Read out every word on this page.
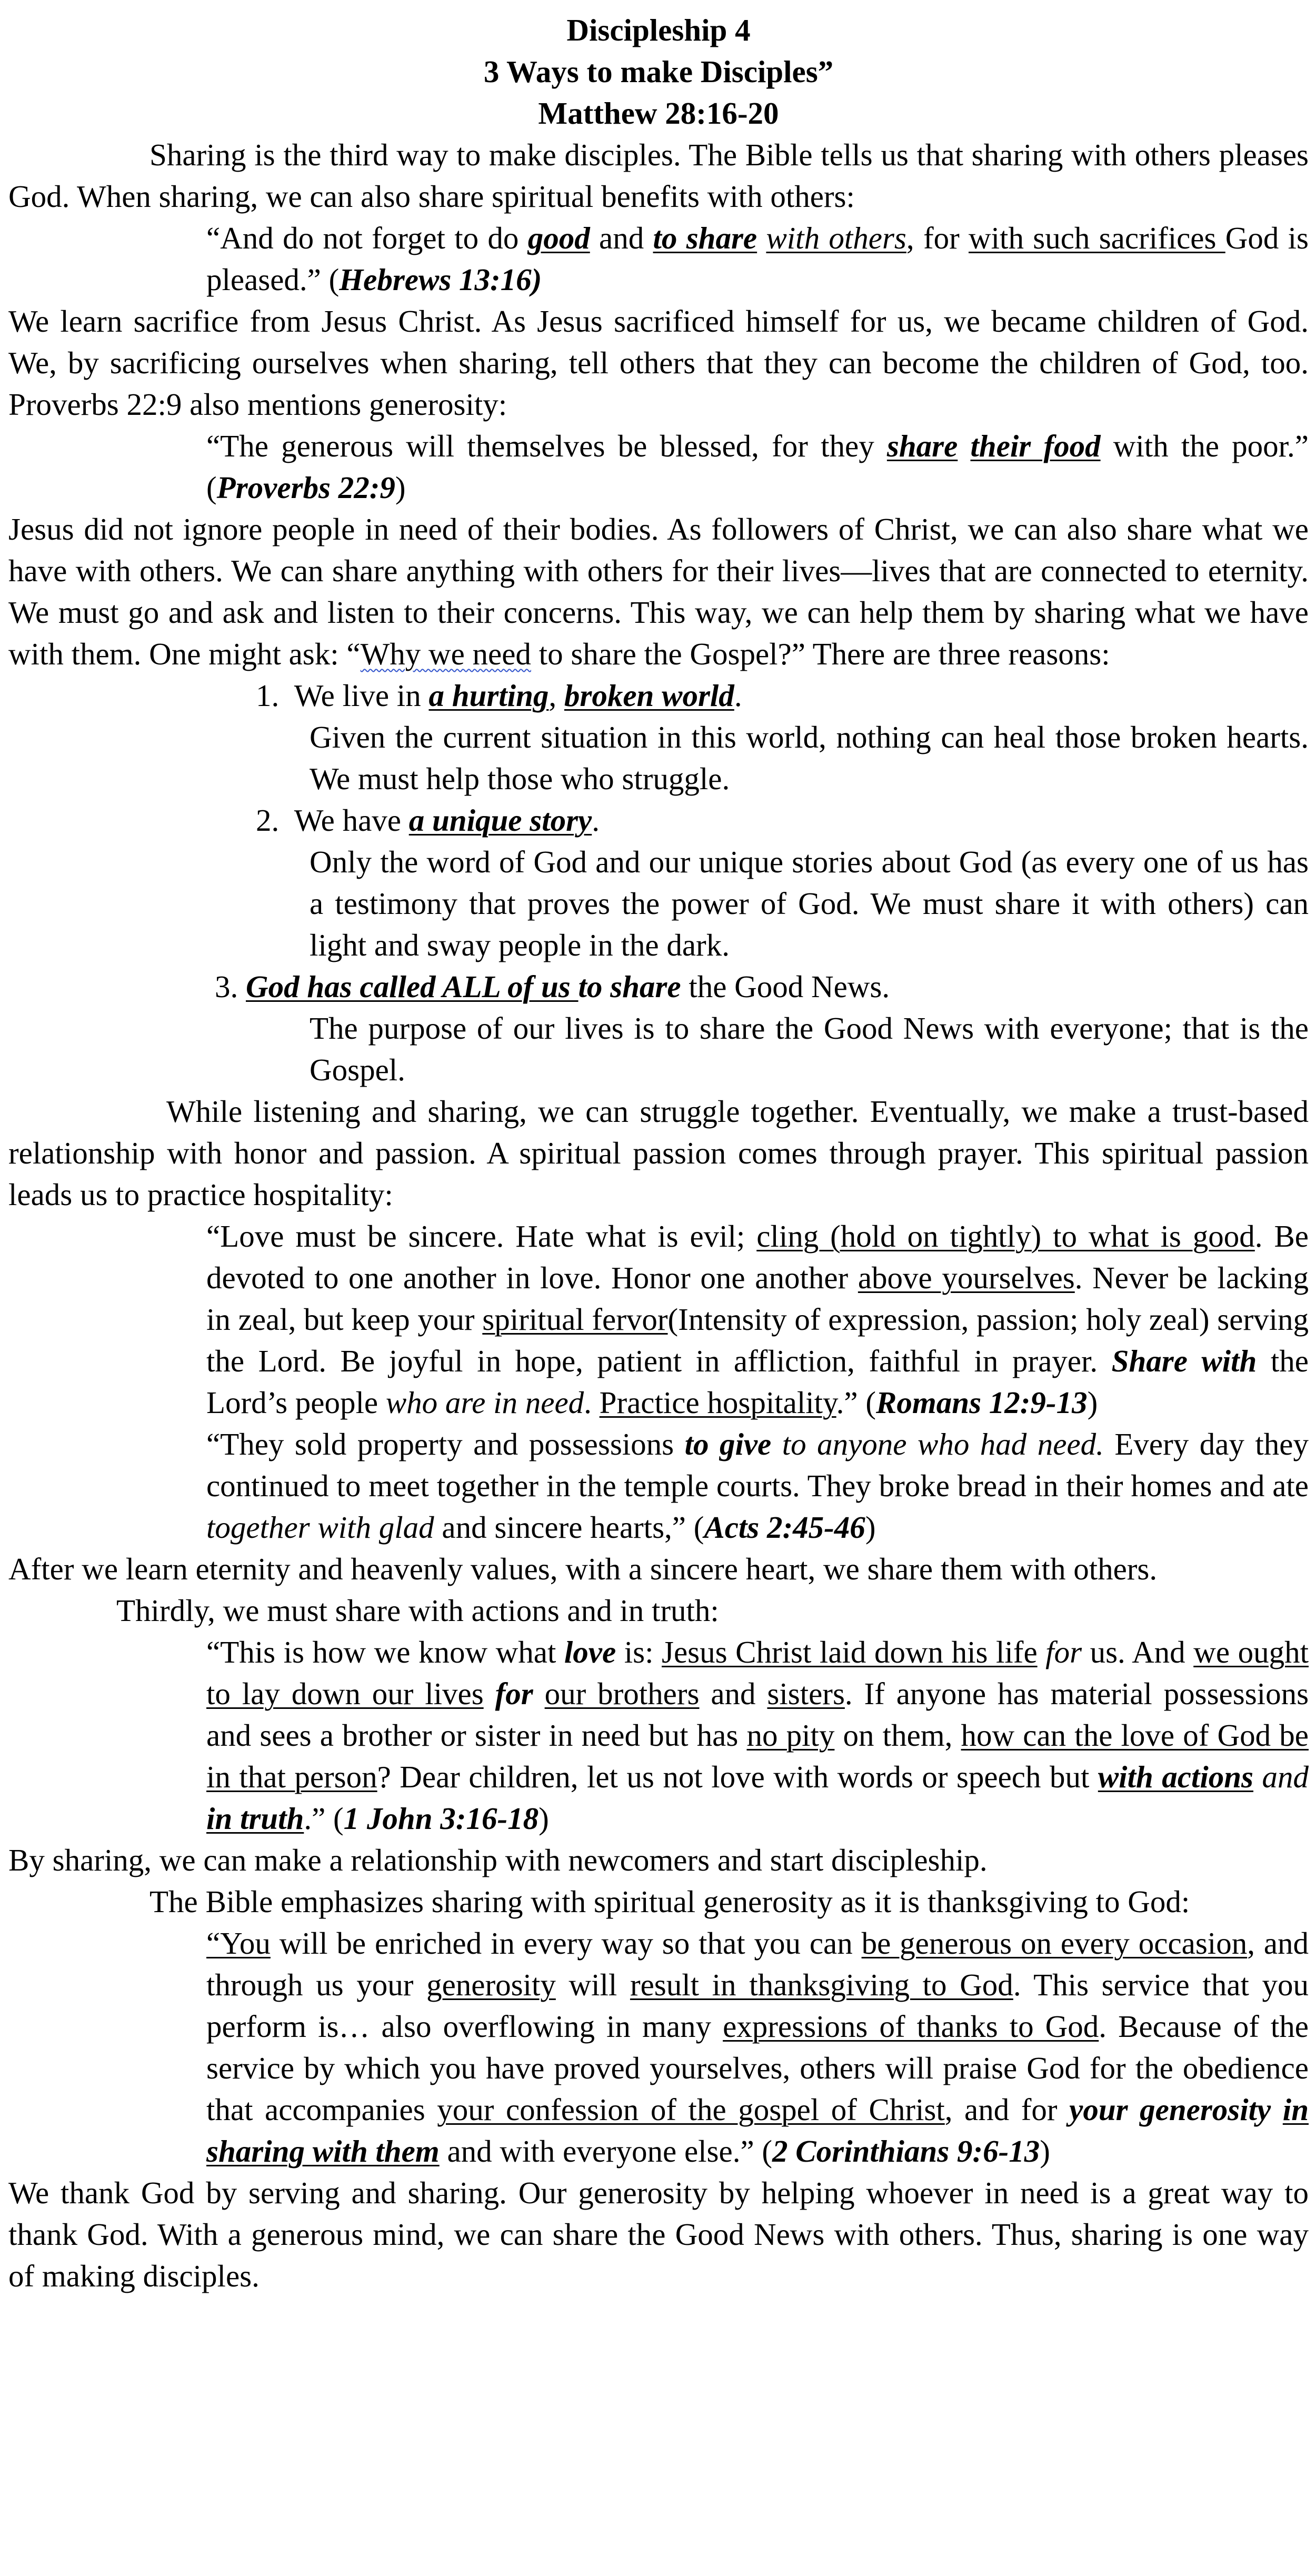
Discipleship 4
3 Ways to make Disciples”
Matthew 28:16-20
Sharing is the third way to make disciples. The Bible tells us that sharing with others pleases God. When sharing, we can also share spiritual benefits with others:
“And do not forget to do good and to share with others, for with such sacrifices God is pleased.” (Hebrews 13:16)
We learn sacrifice from Jesus Christ. As Jesus sacrificed himself for us, we became children of God. We, by sacrificing ourselves when sharing, tell others that they can become the children of God, too. Proverbs 22:9 also mentions generosity:
“The generous will themselves be blessed, for they share their food with the poor.” (Proverbs 22:9)
Jesus did not ignore people in need of their bodies. As followers of Christ, we can also share what we have with others. We can share anything with others for their lives—lives that are connected to eternity. We must go and ask and listen to their concerns. This way, we can help them by sharing what we have with them. One might ask: “Why we need to share the Gospel?” There are three reasons:
1. We live in a hurting, broken world.
Given the current situation in this world, nothing can heal those broken hearts. We must help those who struggle.
2. We have a unique story.
Only the word of God and our unique stories about God (as every one of us has a testimony that proves the power of God. We must share it with others) can light and sway people in the dark.
3. God has called ALL of us to share the Good News.
The purpose of our lives is to share the Good News with everyone; that is the Gospel.
While listening and sharing, we can struggle together. Eventually, we make a trust-based relationship with honor and passion. A spiritual passion comes through prayer. This spiritual passion leads us to practice hospitality:
“Love must be sincere. Hate what is evil; cling (hold on tightly) to what is good. Be devoted to one another in love. Honor one another above yourselves. Never be lacking in zeal, but keep your spiritual fervor(Intensity of expression, passion; holy zeal) serving the Lord. Be joyful in hope, patient in affliction, faithful in prayer. Share with the Lord’s people who are in need. Practice hospitality.” (Romans 12:9-13)
“They sold property and possessions to give to anyone who had need. Every day they continued to meet together in the temple courts. They broke bread in their homes and ate together with glad and sincere hearts,” (Acts 2:45-46)
After we learn eternity and heavenly values, with a sincere heart, we share them with others.
Thirdly, we must share with actions and in truth:
“This is how we know what love is: Jesus Christ laid down his life for us. And we ought to lay down our lives for our brothers and sisters. If anyone has material possessions and sees a brother or sister in need but has no pity on them, how can the love of God be in that person? Dear children, let us not love with words or speech but with actions and in truth.” (1 John 3:16-18)
By sharing, we can make a relationship with newcomers and start discipleship.
The Bible emphasizes sharing with spiritual generosity as it is thanksgiving to God:
“You will be enriched in every way so that you can be generous on every occasion, and through us your generosity will result in thanksgiving to God. This service that you perform is… also overflowing in many expressions of thanks to God. Because of the service by which you have proved yourselves, others will praise God for the obedience that accompanies your confession of the gospel of Christ, and for your generosity in sharing with them and with everyone else.” (2 Corinthians 9:6-13)
We thank God by serving and sharing. Our generosity by helping whoever in need is a great way to thank God. With a generous mind, we can share the Good News with others. Thus, sharing is one way of making disciples.
